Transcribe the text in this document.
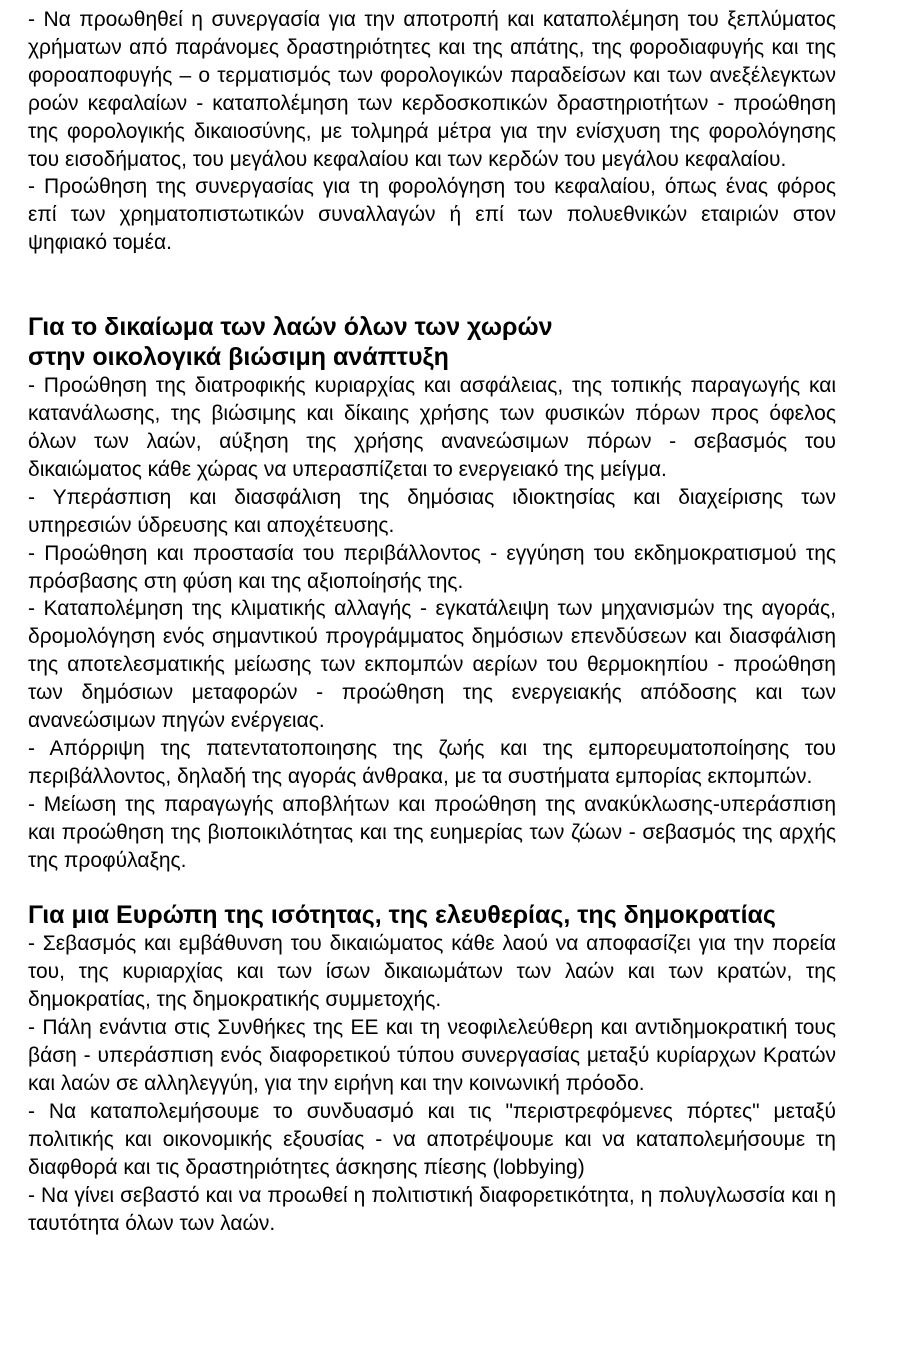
- Να προωθηθεί η συνεργασία για την αποτροπή και καταπολέμηση του ξεπλύματος χρήματων από παράνομες δραστηριότητες και της απάτης, της φοροδιαφυγής και της φοροαποφυγής – ο τερματισμός των φορολογικών παραδείσων και των ανεξέλεγκτων ροών κεφαλαίων - καταπολέμηση των κερδοσκοπικών δραστηριοτήτων - προώθηση της φορολογικής δικαιοσύνης, με τολμηρά μέτρα για την ενίσχυση της φορολόγησης του εισοδήματος, του μεγάλου κεφαλαίου και των κερδών του μεγάλου κεφαλαίου.

- Προώθηση της συνεργασίας για τη φορολόγηση του κεφαλαίου, όπως ένας φόρος επί των χρηματοπιστωτικών συναλλαγών ή επί των πολυεθνικών εταιριών στον ψηφιακό τομέα.

Για το δικαίωμα των λαών όλων των χωρών
στην οικολογικά βιώσιμη ανάπτυξη

- Προώθηση της διατροφικής κυριαρχίας και ασφάλειας, της τοπικής παραγωγής και κατανάλωσης, της βιώσιμης και δίκαιης χρήσης των φυσικών πόρων προς όφελος όλων των λαών, αύξηση της χρήσης ανανεώσιμων πόρων - σεβασμός του δικαιώματος κάθε χώρας να υπερασπίζεται το ενεργειακό της μείγμα.

- Υπεράσπιση και διασφάλιση της δημόσιας ιδιοκτησίας και διαχείρισης των υπηρεσιών ύδρευσης και αποχέτευσης.

- Προώθηση και προστασία του περιβάλλοντος - εγγύηση του εκδημοκρατισμού της πρόσβασης στη φύση και της αξιοποίησής της.

- Καταπολέμηση της κλιματικής αλλαγής - εγκατάλειψη των μηχανισμών της αγοράς, δρομολόγηση ενός σημαντικού προγράμματος δημόσιων επενδύσεων και διασφάλιση της αποτελεσματικής μείωσης των εκπομπών αερίων του θερμοκηπίου - προώθηση των δημόσιων μεταφορών - προώθηση της ενεργειακής απόδοσης και των ανανεώσιμων πηγών ενέργειας.

- Απόρριψη της πατεντατοποιησης της ζωής και της εμπορευματοποίησης του περιβάλλοντος, δηλαδή της αγοράς άνθρακα, με τα συστήματα εμπορίας εκπομπών.

- Μείωση της παραγωγής αποβλήτων και προώθηση της ανακύκλωσης-υπεράσπιση και προώθηση της βιοποικιλότητας και της ευημερίας των ζώων - σεβασμός της αρχής της προφύλαξης.

Για μια Ευρώπη της ισότητας, της ελευθερίας, της δημοκρατίας

- Σεβασμός και εμβάθυνση του δικαιώματος κάθε λαού να αποφασίζει για την πορεία του, της κυριαρχίας και των ίσων δικαιωμάτων των λαών και των κρατών, της δημοκρατίας, της δημοκρατικής συμμετοχής.

- Πάλη ενάντια στις Συνθήκες της ΕΕ και τη νεοφιλελεύθερη και αντιδημοκρατική τους βάση - υπεράσπιση ενός διαφορετικού τύπου συνεργασίας μεταξύ κυρίαρχων Κρατών και λαών σε αλληλεγγύη, για την ειρήνη και την κοινωνική πρόοδο.

- Να καταπολεμήσουμε το συνδυασμό και τις "περιστρεφόμενες πόρτες" μεταξύ πολιτικής και οικονομικής εξουσίας - να αποτρέψουμε και να καταπολεμήσουμε τη διαφθορά και τις δραστηριότητες άσκησης πίεσης (lobbying)

- Να γίνει σεβαστό και να προωθεί η πολιτιστική διαφορετικότητα, η πολυγλωσσία και η ταυτότητα όλων των λαών.
